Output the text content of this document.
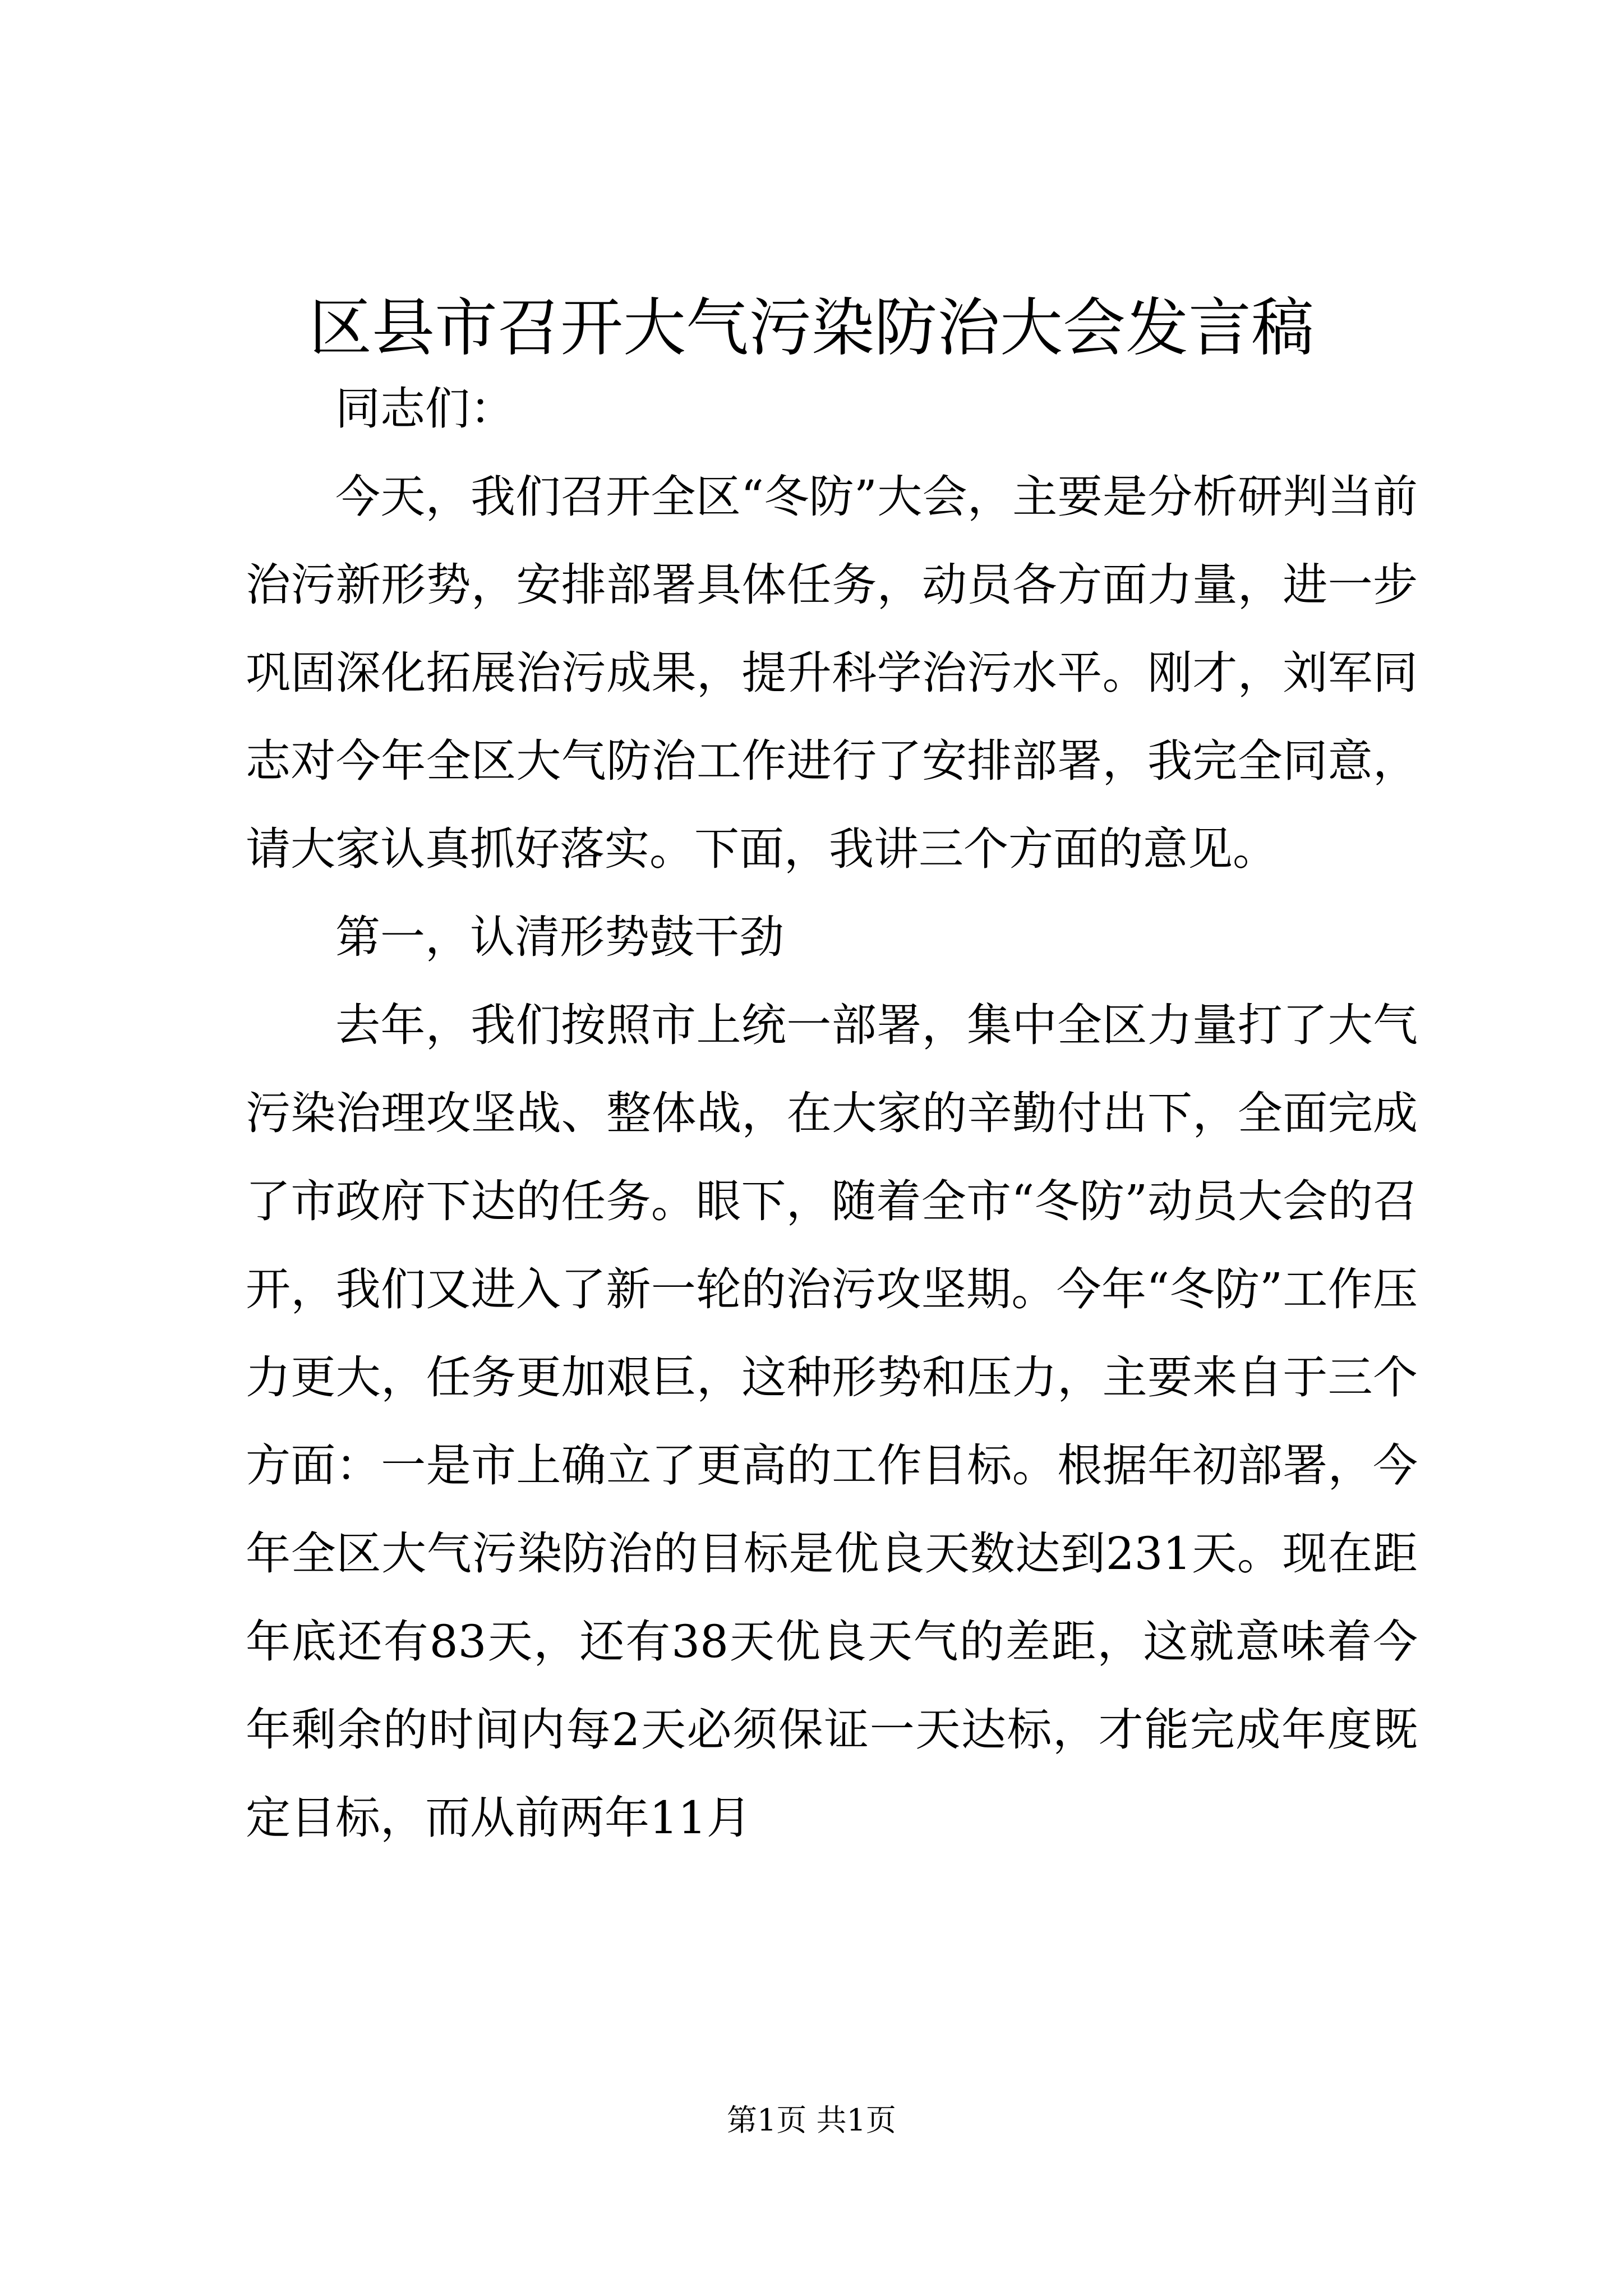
区县市召开大气污染防治大会发言稿

同志们：

今天，我们召开全区“冬防”大会，主要是分析研判当前治污新形势，安排部署具体任务，动员各方面力量，进一步巩固深化拓展治污成果，提升科学治污水平。刚才，刘军同志对今年全区大气防治工作进行了安排部署，我完全同意，请大家认真抓好落实。下面，我讲三个方面的意见。

第一，认清形势鼓干劲

去年，我们按照市上统一部署，集中全区力量打了大气污染治理攻坚战、整体战，在大家的辛勤付出下，全面完成了市政府下达的任务。眼下，随着全市“冬防”动员大会的召开，我们又进入了新一轮的治污攻坚期。今年“冬防”工作压力更大，任务更加艰巨，这种形势和压力，主要来自于三个方面：一是市上确立了更高的工作目标。根据年初部署，今年全区大气污染防治的目标是优良天数达到231天。现在距年底还有83天，还有38天优良天气的差距，这就意味着今年剩余的时间内每2天必须保证一天达标，才能完成年度既定目标，而从前两年11月

第1页 共1页
